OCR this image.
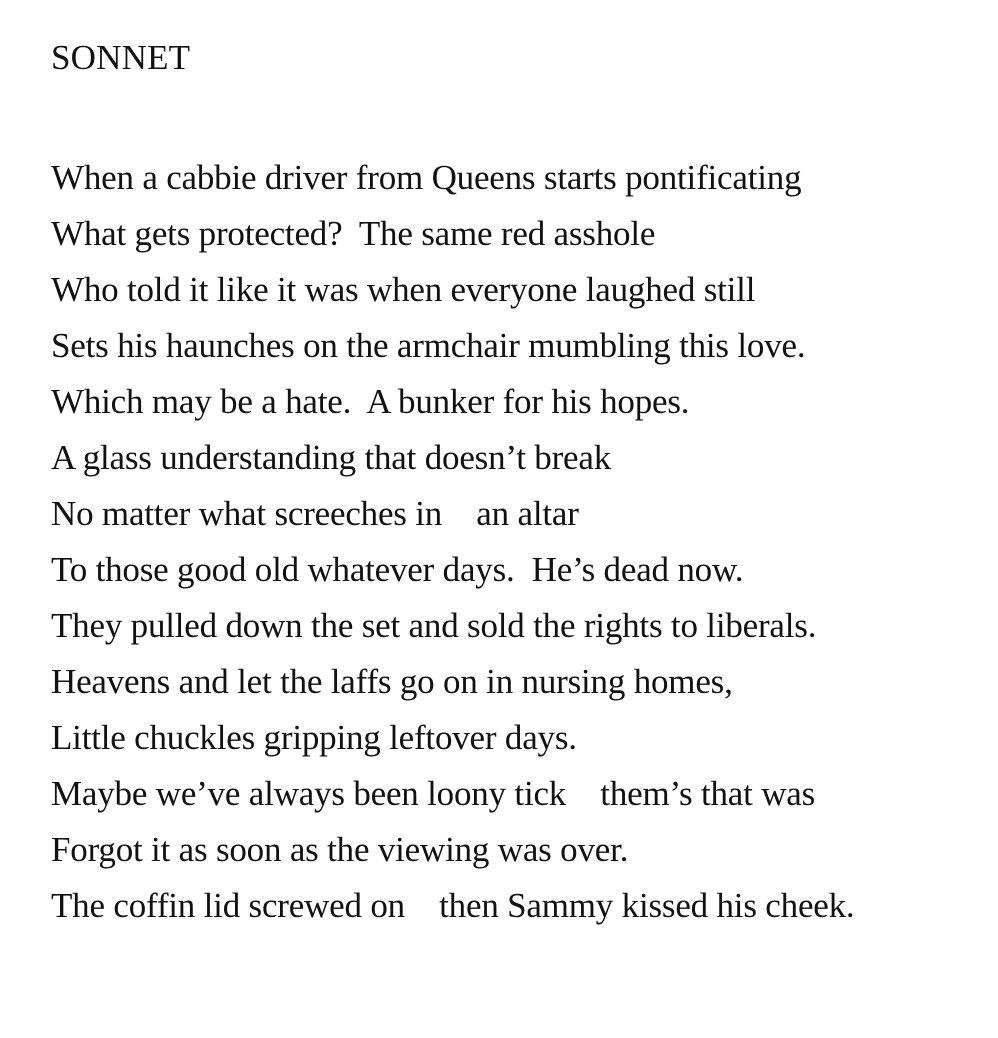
SONNET
When a cabbie driver from Queens starts pontificating
What gets protected?  The same red asshole
Who told it like it was when everyone laughed still
Sets his haunches on the armchair mumbling this love.
Which may be a hate.  A bunker for his hopes.
A glass understanding that doesn’t break
No matter what screeches in    an altar
To those good old whatever days.  He’s dead now.
They pulled down the set and sold the rights to liberals.
Heavens and let the laffs go on in nursing homes,
Little chuckles gripping leftover days.
Maybe we’ve always been loony tick    them’s that was
Forgot it as soon as the viewing was over.
The coffin lid screwed on    then Sammy kissed his cheek.
